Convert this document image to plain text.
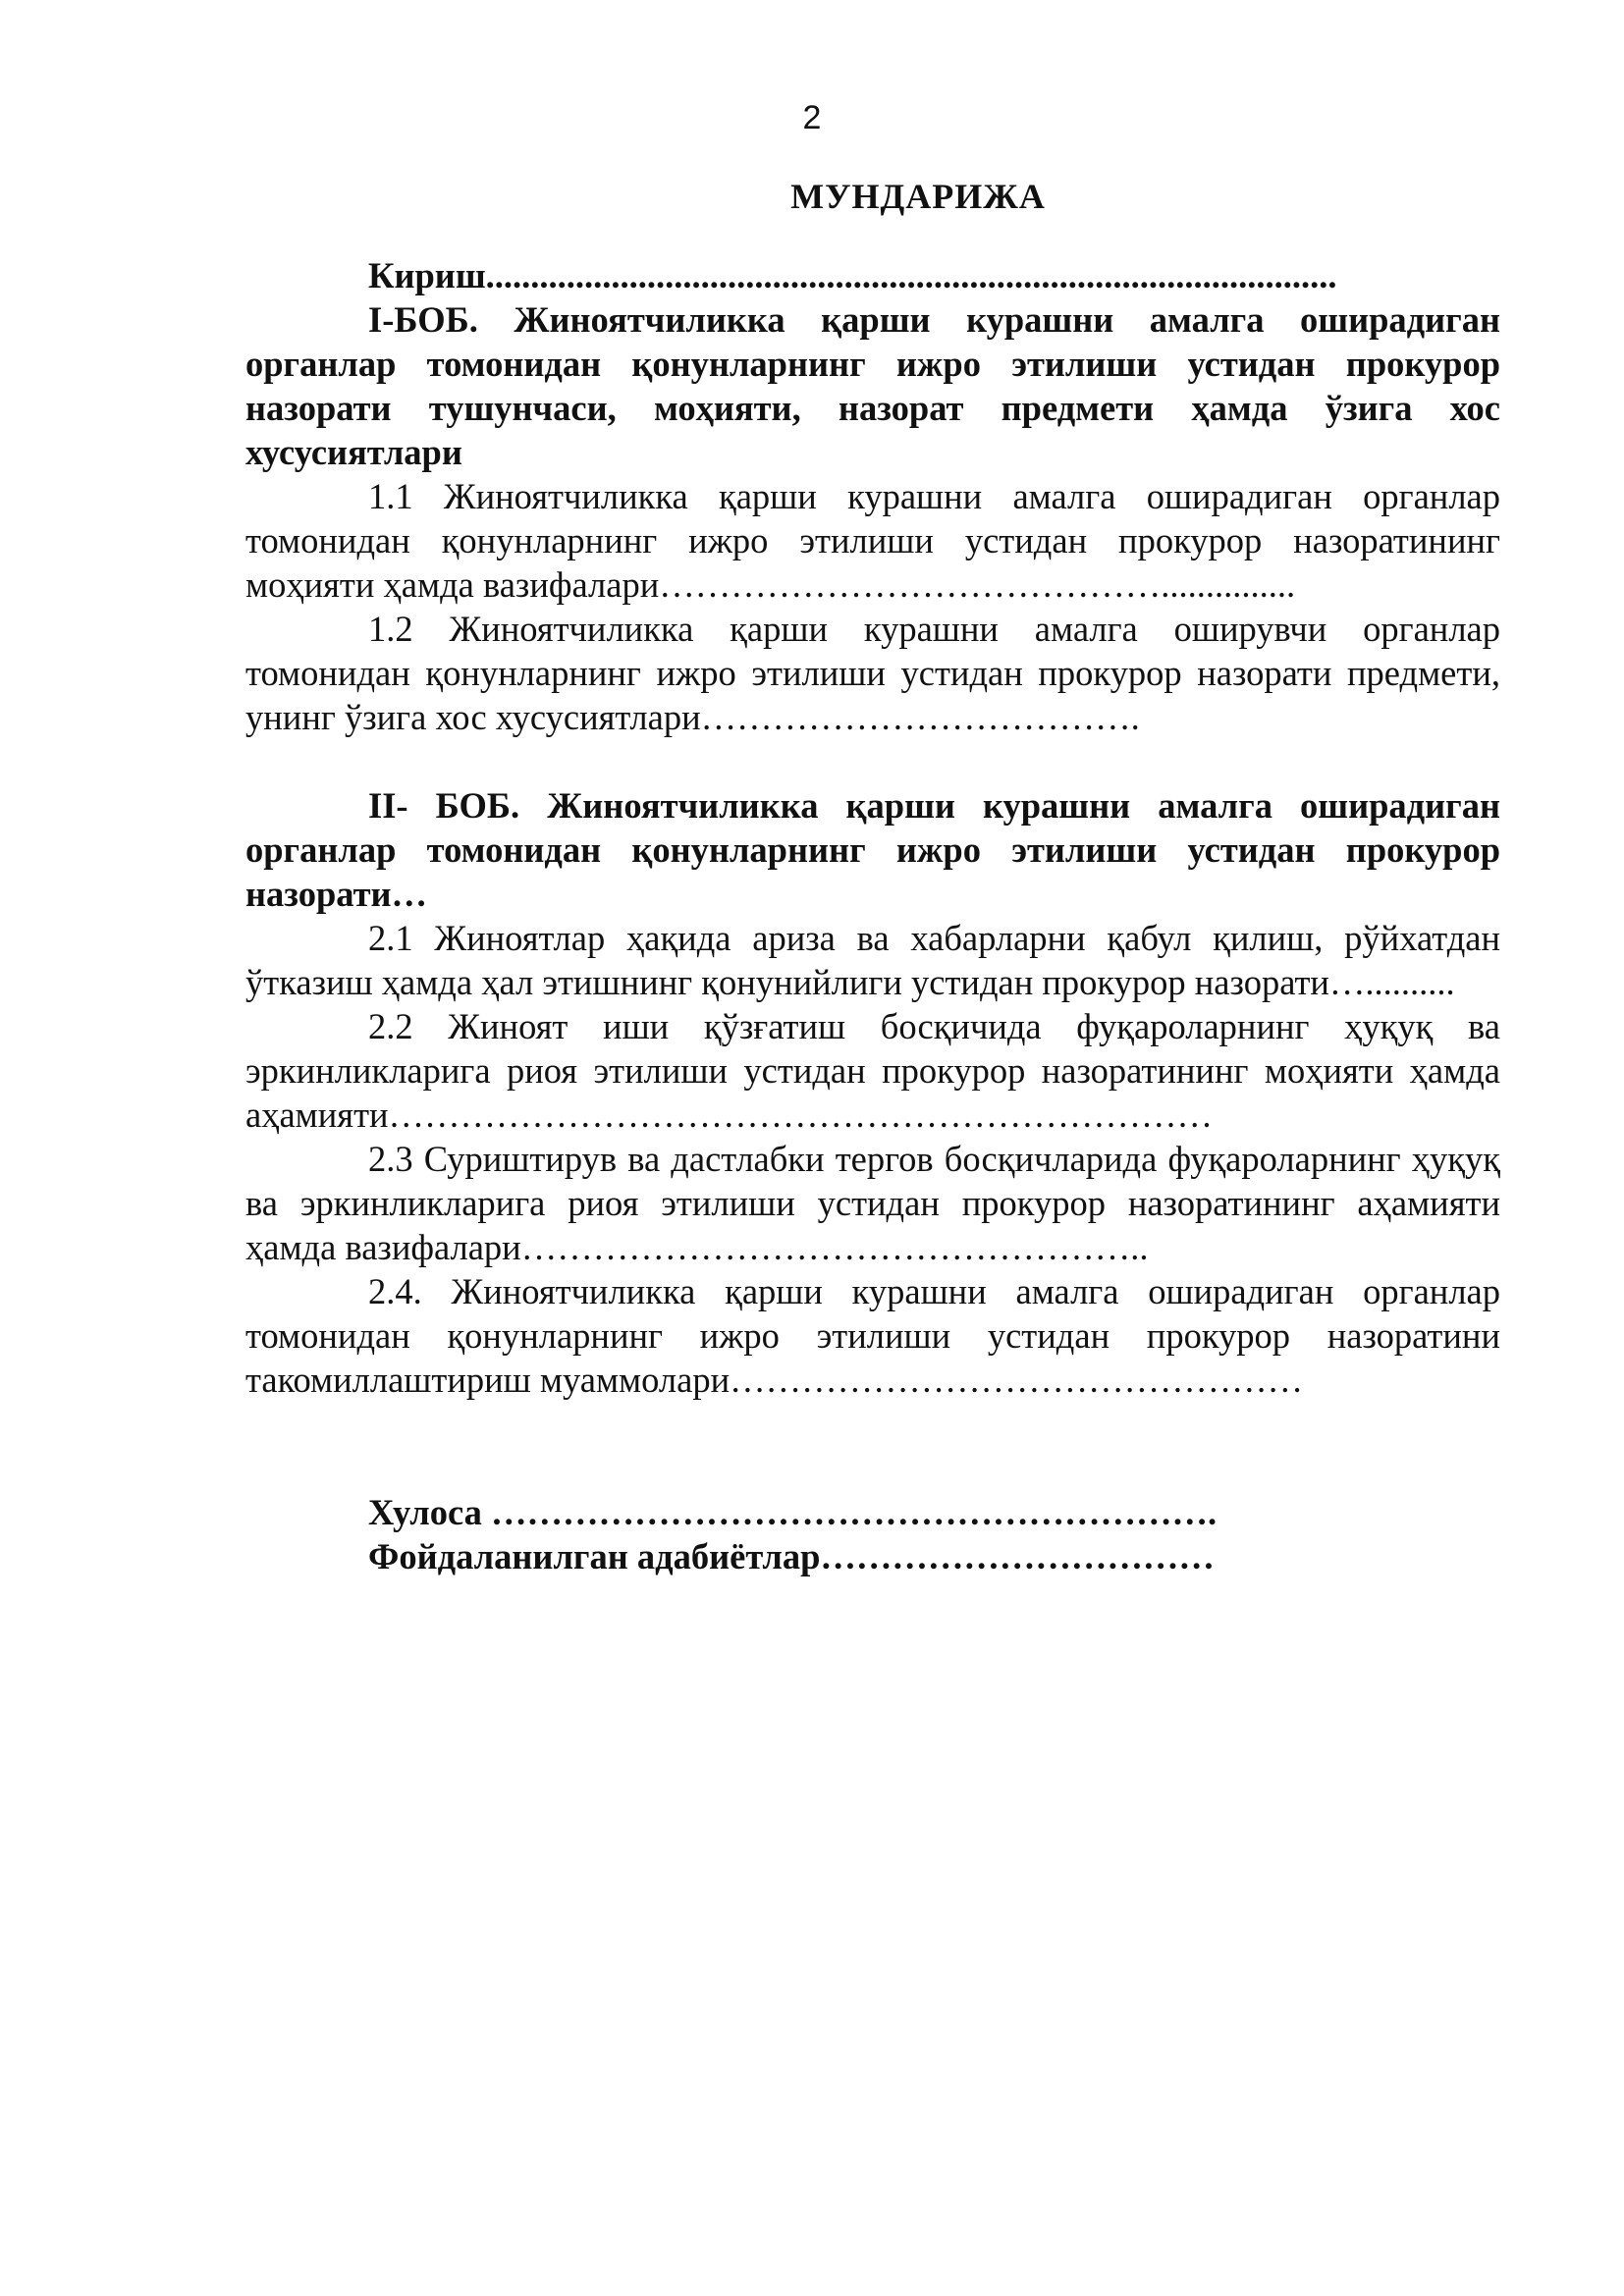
2
МУНДАРИЖА

Кириш...............................................................................................

I-БОБ. Жиноятчиликка қарши курашни амалга оширадиган органлар томонидан қонунларнинг ижро этилиши устидан прокурор назорати тушунчаси, моҳияти, назорат предмети ҳамда ўзига хос хусусиятлари

1.1 Жиноятчиликка қарши курашни амалга оширадиган органлар томонидан қонунларнинг ижро этилиши устидан прокурор назоратининг моҳияти ҳамда вазифалари……………………………………...............

1.2 Жиноятчиликка қарши курашни амалга оширувчи органлар томонидан қонунларнинг ижро этилиши устидан прокурор назорати предмети, унинг ўзига хос хусусиятлари……………………………….

II- БОБ. Жиноятчиликка қарши курашни амалга оширадиган органлар томонидан қонунларнинг ижро этилиши устидан прокурор назорати…

2.1 Жиноятлар ҳақида ариза ва хабарларни қабул қилиш, рўйхатдан ўтказиш ҳамда ҳал этишнинг қонунийлиги устидан прокурор назорати…..........

2.2 Жиноят иши қўзғатиш босқичида фуқароларнинг ҳуқуқ ва эркинликларига риоя этилиши устидан прокурор назоратининг моҳияти ҳамда аҳамияти……………………………………………………………

2.3 Суриштирув ва дастлабки тергов босқичларида фуқароларнинг ҳуқуқ ва эркинликларига риоя этилиши устидан прокурор назоратининг аҳамияти ҳамда вазифалари……………………………………………..

2.4. Жиноятчиликка қарши курашни амалга оширадиган органлар томонидан қонунларнинг ижро этилиши устидан прокурор назоратини такомиллаштириш муаммолари…………………………………………

Хулоса …………………………………………………….

Фойдаланилган адабиётлар……………………………
